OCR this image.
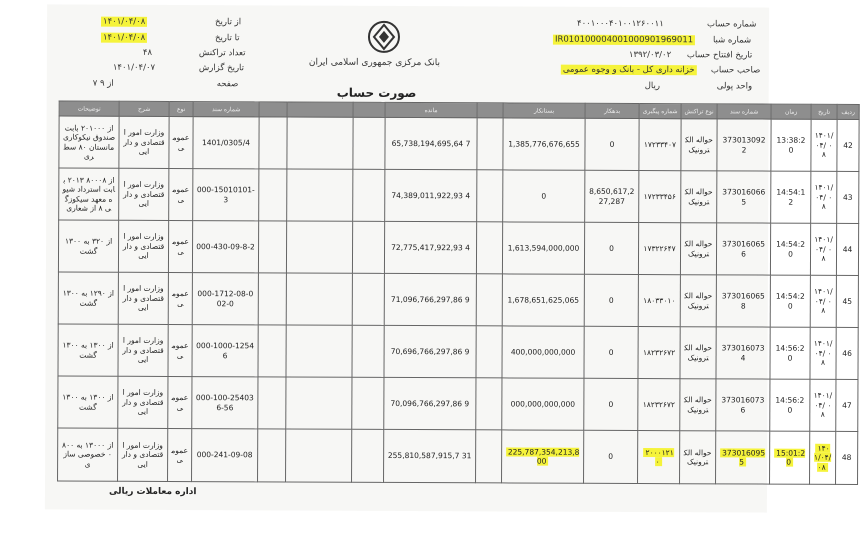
شماره حساب
شماره شبا
تاریخ افتتاح حساب
صاحب حساب
واحد پولی
۴۰۰۱۰۰۰۴۰۱۰۰۱۲۶۰۰۱۱
IR010100004001000901969011
۱۳۹۲/۰۳/۰۲
خزانه داری کل - بانک و وجوه عمومی
ریال
بانک مرکزی جمهوری اسلامی ایران
از تاریخ
تا تاریخ
تعداد تراکنش
تاریخ گزارش
صفحه
۱۴۰۱/۰۴/۰۸
۱۴۰۱/۰۴/۰۸
۴۸
۱۴۰۱/۰۴/۰۷
۷ از ۹
صورت حساب
توضیحات	شرح	نوع	شماره سند				مانده		بستانکار	بدهکار	شماره پیگیری	نوع تراکنش	شماره سند	زمان	تاریخ	ردیف
از ۲۰۱۰۰۰ بابت صندوق نیکوکاری مانستان ۸۰ سطری	وزارت امور اقتصادی و دارایی	عمومی	1401/0305/4				65,738,194,695,64 7		1,385,776,676,655	0	۱۷۲۳۳۴۰۷	حواله الکترونیک	3730130922	13:38:20	۱۴۰۱/۰۴/ ۰۸	42
از ۸۰۰۰۸ ۲۰۱۳ بابت استرداد شیوه معهد سیکوزگی ۸ از شعاری	وزارت امور اقتصادی و دارایی	عمومی	000-15010101-3				74,389,011,922,93 4		0	8,650,617,227,287	۱۷۲۳۳۴۵۶	حواله الکترونیک	3730160665	14:54:12	۱۴۰۱/۰۴/ ۰۸	43
از ۳۲۰ به ۱۳۰۰ گشت	وزارت امور اقتصادی و دارایی	عمومی	000-430-09-8-2				72,775,417,922,93 4		1,613,594,000,000	0	۱۷۳۲۲۶۴۷	حواله الکترونیک	3730160656	14:54:20	۱۴۰۱/۰۴/ ۰۸	44
از ۱۲۹۰ به ۱۳۰۰ گشت	وزارت امور اقتصادی و دارایی	عمومی	000-1712-08-002-0				71,096,766,297,86 9		1,678,651,625,065	0	۱۸۰۳۳۰۱۰	حواله الکترونیک	3730160658	14:54:20	۱۴۰۱/۰۴/ ۰۸	45
از ۱۳۰۰ به ۱۳۰۰ گشت	وزارت امور اقتصادی و دارایی	عمومی	000-1000-12546				70,696,766,297,86 9		400,000,000,000	0	۱۸۲۳۲۶۷۲	حواله الکترونیک	3730160734	14:56:20	۱۴۰۱/۰۴/ ۰۸	46
از ۱۳۰۰ به ۱۳۰۰ گشت	وزارت امور اقتصادی و دارایی	عمومی	000-100-254036-56				70,096,766,297,86 9		000,000,000,000	0	۱۸۲۳۲۶۷۲	حواله الکترونیک	3730160736	14:56:20	۱۴۰۱/۰۴/ ۰۸	47
از ۱۳۰۰۰ به ۸۰۰۰ خصوصی سازی	وزارت امور اقتصادی و دارایی	عمومی	000-241-09-08				255,810,587,915,7 31		225,787,354,213,8 00	0	۲۰۰۰۱۲۱۰	حواله الکترونیک	3730160955	15:01:20	۱۴۰۱/۰۴/ ۰۸	48
اداره معاملات ریالی
